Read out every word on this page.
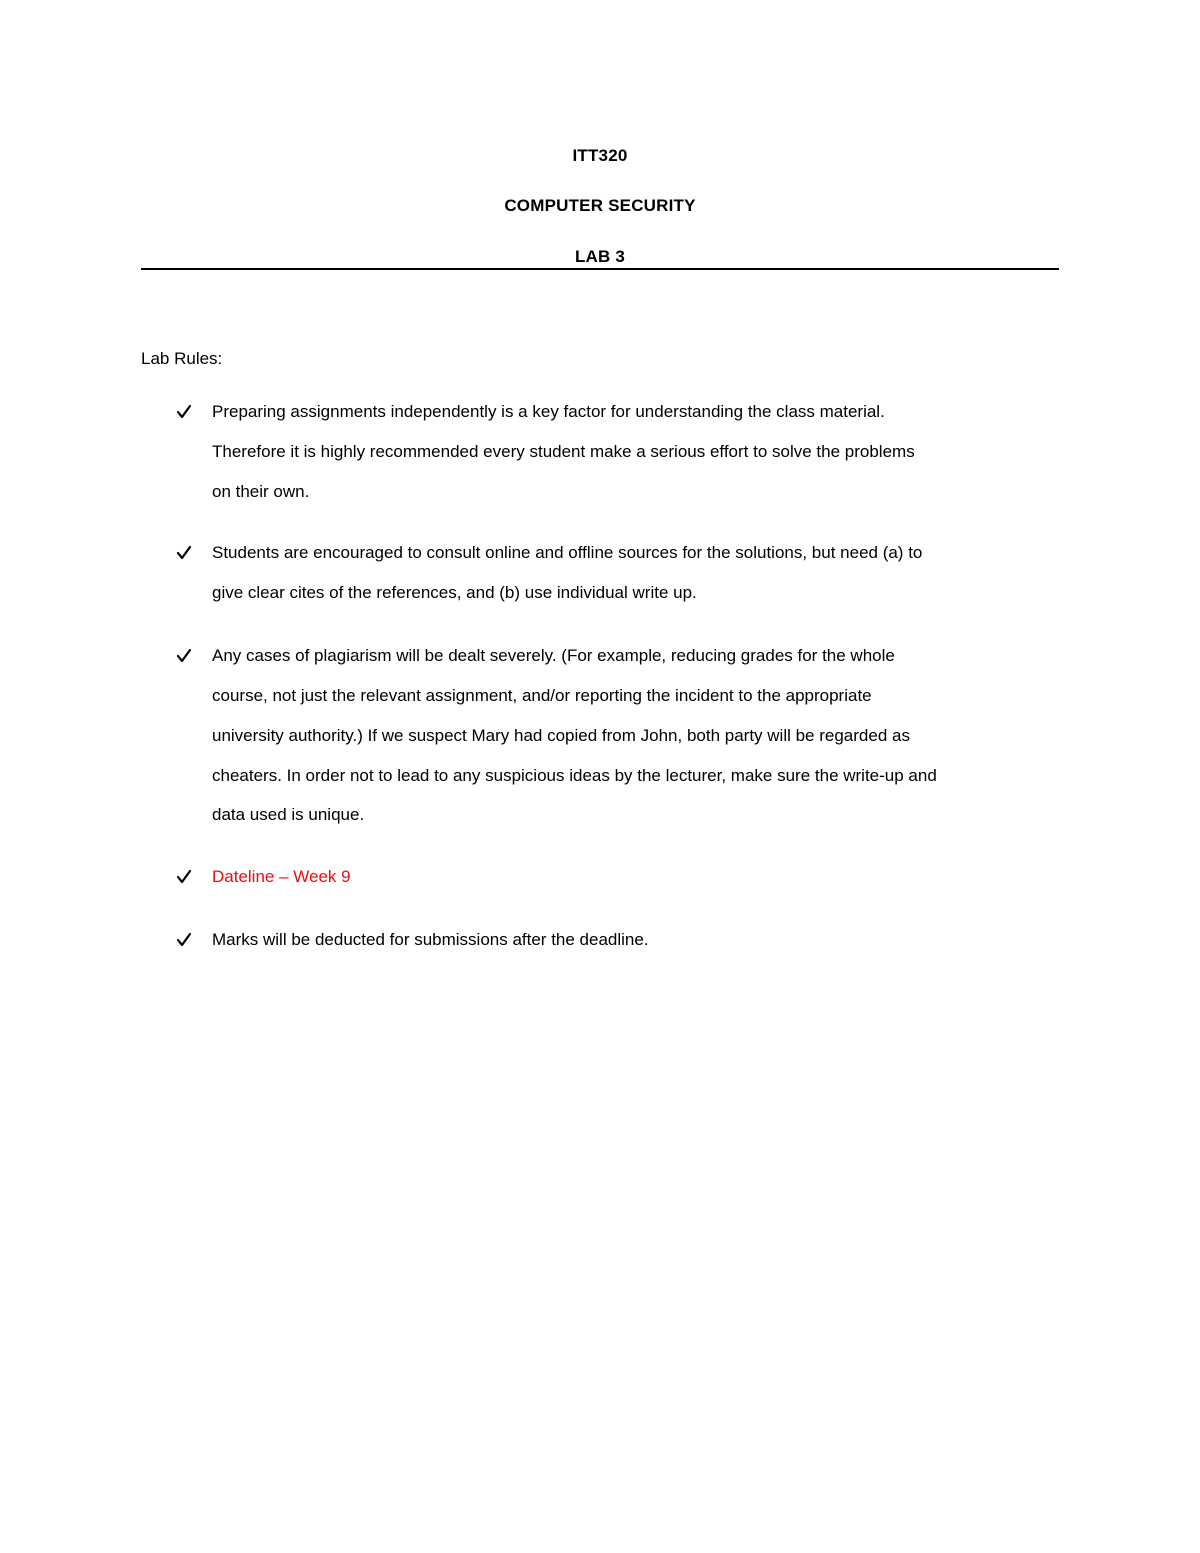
ITT320
COMPUTER SECURITY
LAB 3
Lab Rules:
Preparing assignments independently is a key factor for understanding the class material.
Therefore it is highly recommended every student make a serious effort to solve the problems
on their own.
Students are encouraged to consult online and offline sources for the solutions, but need (a) to
give clear cites of the references, and (b) use individual write up.
Any cases of plagiarism will be dealt severely. (For example, reducing grades for the whole
course, not just the relevant assignment, and/or reporting the incident to the appropriate
university authority.) If we suspect Mary had copied from John, both party will be regarded as
cheaters. In order not to lead to any suspicious ideas by the lecturer, make sure the write-up and
data used is unique.
Dateline – Week 9
Marks will be deducted for submissions after the deadline.
